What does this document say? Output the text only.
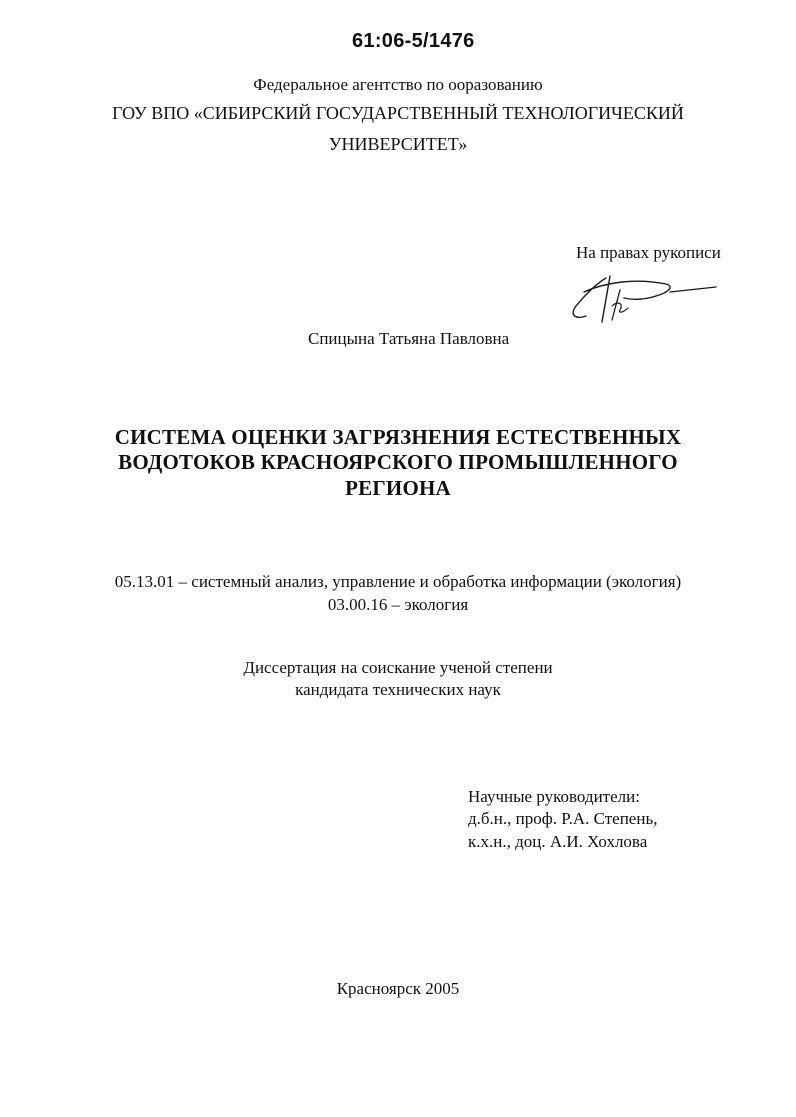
61:06-5/1476
Федеральное агентство по ооразованию
ГОУ ВПО «СИБИРСКИЙ ГОСУДАРСТВЕННЫЙ ТЕХНОЛОГИЧЕСКИЙ
УНИВЕРСИТЕТ»
На правах рукописи
Спицына Татьяна Павловна
СИСТЕМА ОЦЕНКИ ЗАГРЯЗНЕНИЯ ЕСТЕСТВЕННЫХ
ВОДОТОКОВ КРАСНОЯРСКОГО ПРОМЫШЛЕННОГО
РЕГИОНА
05.13.01 – системный анализ, управление и обработка информации (экология)
03.00.16 – экология
Диссертация на соискание ученой степени
кандидата технических наук
Научные руководители:
д.б.н., проф. Р.А. Степень,
к.х.н., доц. А.И. Хохлова
Красноярск 2005
